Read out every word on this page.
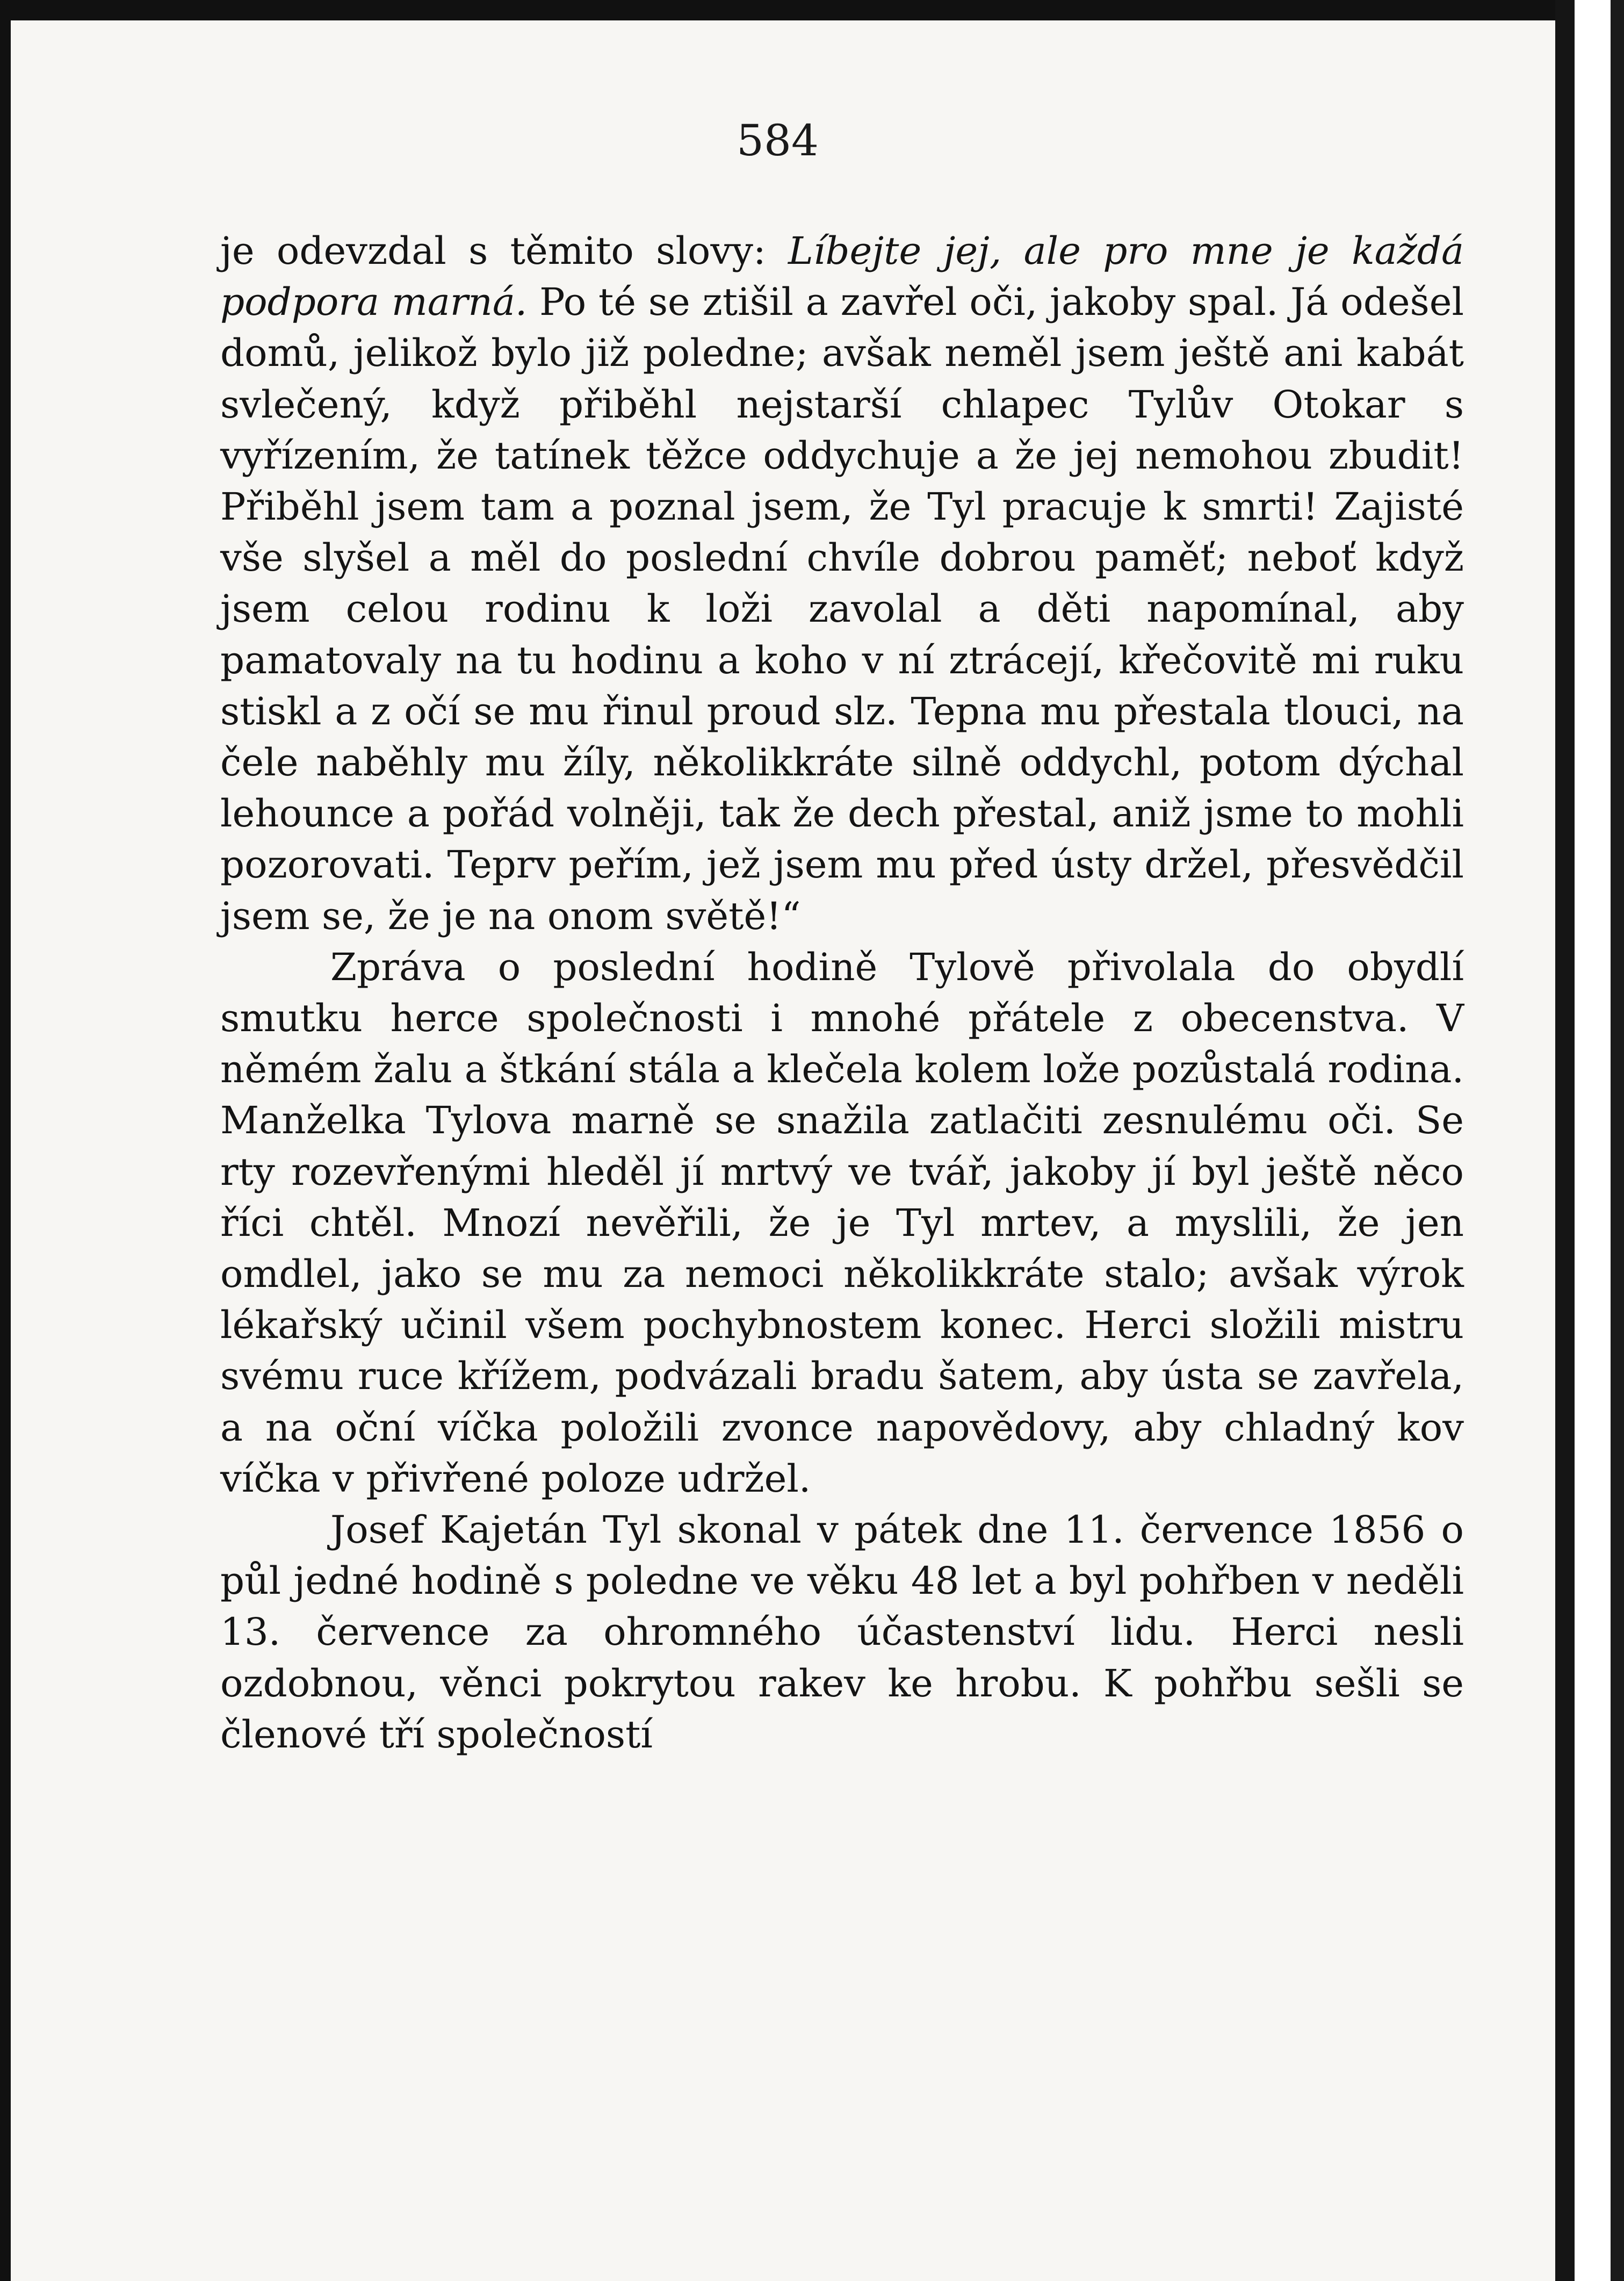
584

je odevzdal s těmito slovy: Líbejte jej, ale pro mne je každá podpora marná. Po té se ztišil a zavřel oči, jakoby spal. Já odešel domů, jelikož bylo již poledne; avšak neměl jsem ještě ani kabát svlečený, když přiběhl nejstarší chlapec Tylův Otokar s vyřízením, že tatínek těžce oddychuje a že jej nemohou zbudit! Přiběhl jsem tam a poznal jsem, že Tyl pracuje k smrti! Zajisté vše slyšel a měl do poslední chvíle dobrou paměť; neboť když jsem celou rodinu k loži zavolal a děti napomínal, aby pamatovaly na tu hodinu a koho v ní ztrácejí, křečovitě mi ruku stiskl a z očí se mu řinul proud slz. Tepna mu přestala tlouci, na čele naběhly mu žíly, několikkráte silně oddychl, potom dýchal lehounce a pořád volněji, tak že dech přestal, aniž jsme to mohli pozorovati. Teprv peřím, jež jsem mu před ústy držel, přesvědčil jsem se, že je na onom světě!“

Zpráva o poslední hodině Tylově přivolala do obydlí smutku herce společnosti i mnohé přátele z obecenstva. V němém žalu a štkání stála a klečela kolem lože pozůstalá rodina. Manželka Tylova marně se snažila zatlačiti zesnulému oči. Se rty rozevřenými hleděl jí mrtvý ve tvář, jakoby jí byl ještě něco říci chtěl. Mnozí nevěřili, že je Tyl mrtev, a myslili, že jen omdlel, jako se mu za nemoci několikkráte stalo; avšak výrok lékařský učinil všem pochybnostem konec. Herci složili mistru svému ruce křížem, podvázali bradu šatem, aby ústa se zavřela, a na oční víčka položili zvonce napovědovy, aby chladný kov víčka v přivřené poloze udržel.

Josef Kajetán Tyl skonal v pátek dne 11. července 1856 o půl jedné hodině s poledne ve věku 48 let a byl pohřben v neděli 13. července za ohromného účastenství lidu. Herci nesli ozdobnou, věnci pokrytou rakev ke hrobu. K pohřbu sešli se členové tří společností
